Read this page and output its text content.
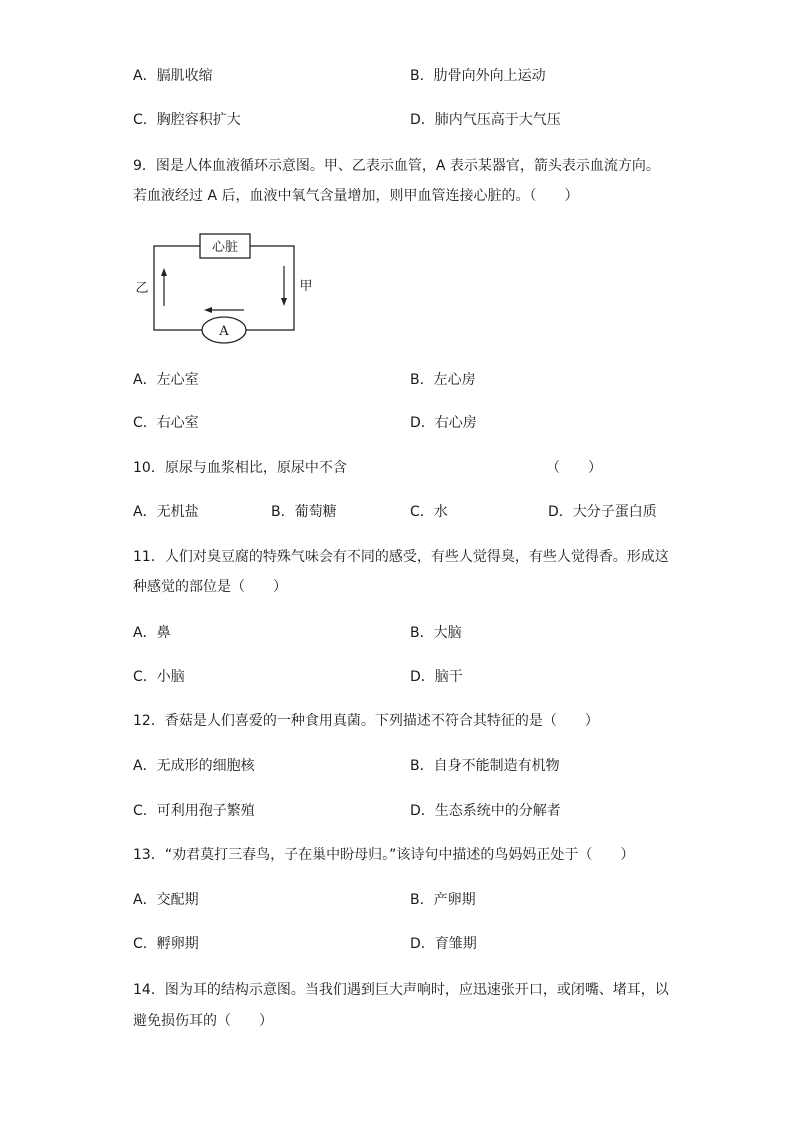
A．膈肌收缩	B．肋骨向外向上运动
C．胸腔容积扩大	D．肺内气压高于大气压
9．图是人体血液循环示意图。甲、乙表示血管，A 表示某器官，箭头表示血流方向。
若血液经过 A 后，血液中氧气含量增加，则甲血管连接心脏的。（　　）
心脏
A
乙	甲
A．左心室	B．左心房
C．右心室	D．右心房
10．原尿与血浆相比，原尿中不含	（　　）
A．无机盐	B．葡萄糖	C．水	D．大分子蛋白质
11．人们对臭豆腐的特殊气味会有不同的感受，有些人觉得臭，有些人觉得香。形成这
种感觉的部位是（　　）
A．鼻	B．大脑
C．小脑	D．脑干
12．香菇是人们喜爱的一种食用真菌。下列描述不符合其特征的是（　　）
A．无成形的细胞核	B．自身不能制造有机物
C．可利用孢子繁殖	D．生态系统中的分解者
13．“劝君莫打三春鸟，子在巢中盼母归。”该诗句中描述的鸟妈妈正处于（　　）
A．交配期	B．产卵期
C．孵卵期	D．育雏期
14．图为耳的结构示意图。当我们遇到巨大声响时，应迅速张开口，或闭嘴、堵耳，以
避免损伤耳的（　　）
